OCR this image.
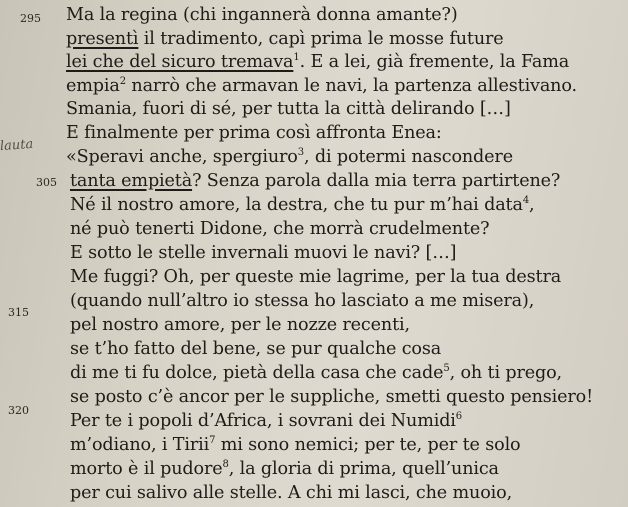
295
305
315
320
lauta
Ma la regina (chi ingannerà donna amante?)
presentì il tradimento, capì prima le mosse future
lei che del sicuro tremava$^1$. E a lei, già fremente, la Fama
empia$^2$ narrò che armavan le navi, la partenza allestivano.
Smania, fuori di sé, per tutta la città delirando […]
E finalmente per prima così affronta Enea:
«Speravi anche, spergiuro$^3$, di potermi nascondere
tanta empietà? Senza parola dalla mia terra partirtene?
Né il nostro amore, la destra, che tu pur m’hai data$^4$,
né può tenerti Didone, che morrà crudelmente?
E sotto le stelle invernali muovi le navi? […]
Me fuggi? Oh, per queste mie lagrime, per la tua destra
(quando null’altro io stessa ho lasciato a me misera),
pel nostro amore, per le nozze recenti,
se t’ho fatto del bene, se pur qualche cosa
di me ti fu dolce, pietà della casa che cade$^5$, oh ti prego,
se posto c’è ancor per le suppliche, smetti questo pensiero!
Per te i popoli d’Africa, i sovrani dei Numidi$^6$
m’odiano, i Tirii$^7$ mi sono nemici; per te, per te solo
morto è il pudore$^8$, la gloria di prima, quell’unica
per cui salivo alle stelle. A chi mi lasci, che muoio,
